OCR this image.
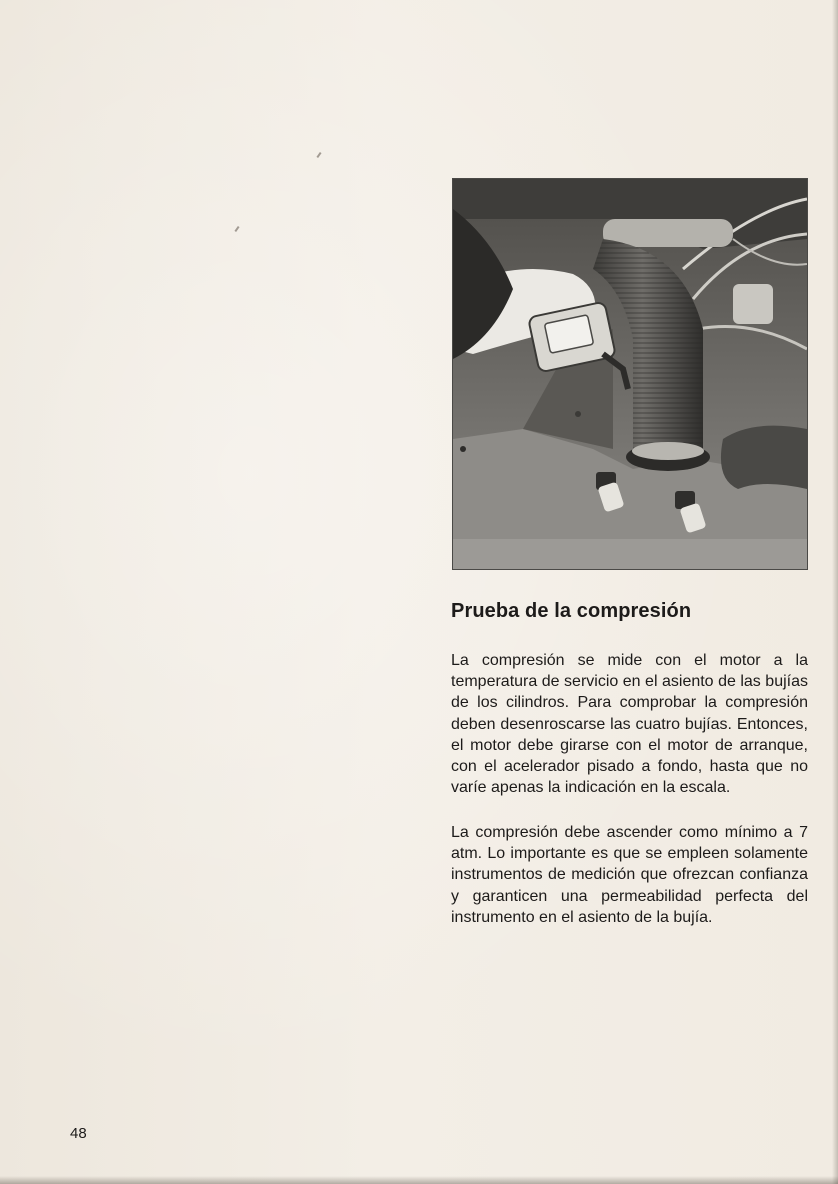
Prueba de la compresión

La compresión se mide con el motor a la temperatura de servicio en el asiento de las bujías de los cilindros. Para comprobar la compresión deben desenroscarse las cuatro bujías. Entonces, el motor debe girarse con el motor de arranque, con el acelerador pisado a fondo, hasta que no varíe apenas la indicación en la escala.

La compresión debe ascender como mínimo a 7 atm. Lo importante es que se empleen solamente instrumentos de medición que ofrezcan confianza y garanticen una permeabilidad perfecta del instrumento en el asiento de la bujía.

48
